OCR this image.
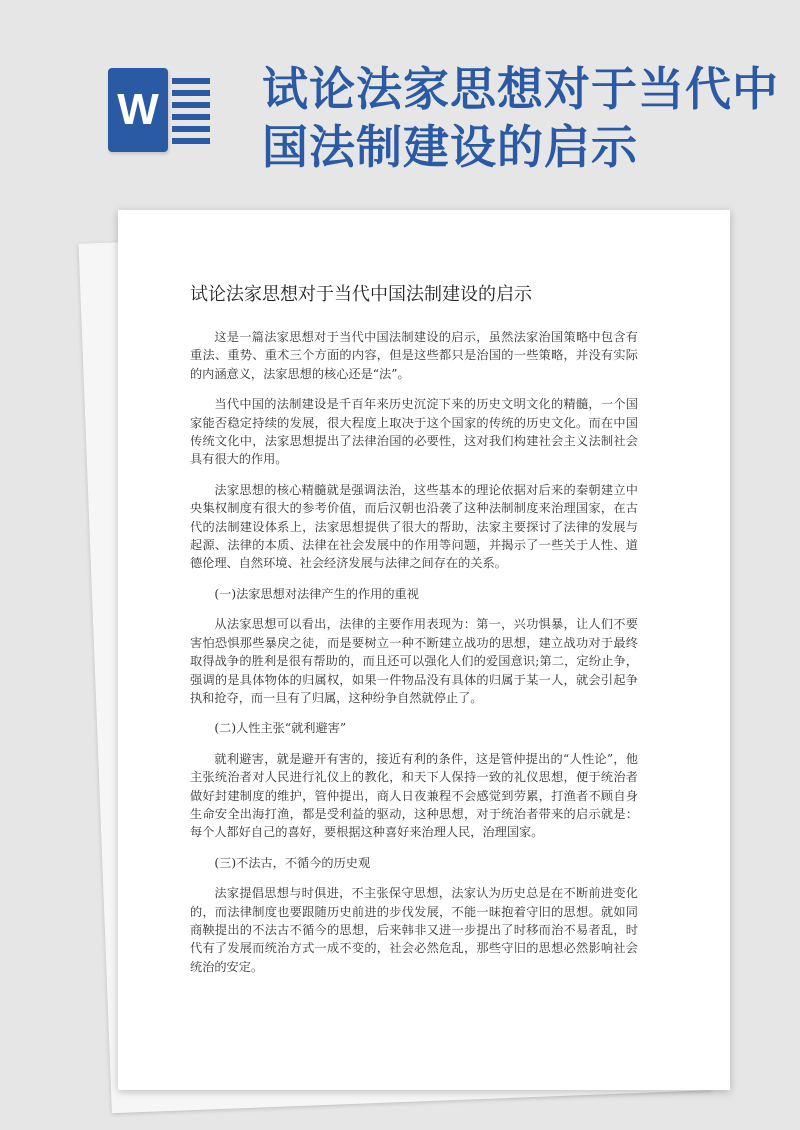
W 试论法家思想对于当代中国法制建设的启示
试论法家思想对于当代中国法制建设的启示

这是一篇法家思想对于当代中国法制建设的启示，虽然法家治国策略中包含有重法、重势、重术三个方面的内容，但是这些都只是治国的一些策略，并没有实际的内涵意义，法家思想的核心还是“法”。

当代中国的法制建设是千百年来历史沉淀下来的历史文明文化的精髓，一个国家能否稳定持续的发展，很大程度上取决于这个国家的传统的历史文化。而在中国传统文化中，法家思想提出了法律治国的必要性，这对我们构建社会主义法制社会具有很大的作用。

法家思想的核心精髓就是强调法治，这些基本的理论依据对后来的秦朝建立中央集权制度有很大的参考价值，而后汉朝也沿袭了这种法制制度来治理国家，在古代的法制建设体系上，法家思想提供了很大的帮助，法家主要探讨了法律的发展与起源、法律的本质、法律在社会发展中的作用等问题，并揭示了一些关于人性、道德伦理、自然环境、社会经济发展与法律之间存在的关系。

(一)法家思想对法律产生的作用的重视

从法家思想可以看出，法律的主要作用表现为：第一，兴功惧暴，让人们不要害怕恐惧那些暴戾之徒，而是要树立一种不断建立战功的思想，建立战功对于最终取得战争的胜利是很有帮助的，而且还可以强化人们的爱国意识;第二，定纷止争，强调的是具体物体的归属权，如果一件物品没有具体的归属于某一人，就会引起争执和抢夺，而一旦有了归属，这种纷争自然就停止了。

(二)人性主张“就利避害”

就利避害，就是避开有害的，接近有利的条件，这是管仲提出的“人性论”，他主张统治者对人民进行礼仪上的教化，和天下人保持一致的礼仪思想，便于统治者做好封建制度的维护，管仲提出，商人日夜兼程不会感觉到劳累，打渔者不顾自身生命安全出海打渔，都是受利益的驱动，这种思想，对于统治者带来的启示就是：每个人都好自己的喜好，要根据这种喜好来治理人民，治理国家。

(三)不法古，不循今的历史观

法家提倡思想与时俱进，不主张保守思想，法家认为历史总是在不断前进变化的，而法律制度也要跟随历史前进的步伐发展，不能一昧抱着守旧的思想。就如同商鞅提出的不法古不循今的思想，后来韩非又进一步提出了时移而治不易者乱，时代有了发展而统治方式一成不变的，社会必然危乱，那些守旧的思想必然影响社会统治的安定。
